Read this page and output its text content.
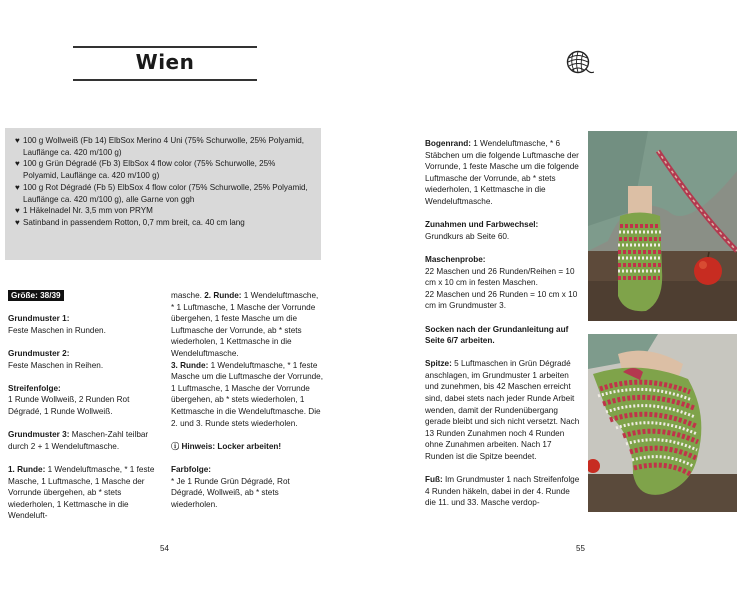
Wien
♥ 100 g Wollweiß (Fb 14) ElbSox Merino 4 Uni (75% Schurwolle, 25% Polyamid, Lauflänge ca. 420 m/100 g)
♥ 100 g Grün Dégradé (Fb 3) ElbSox 4 flow color (75% Schurwolle, 25% Polyamid, Lauflänge ca. 420 m/100 g)
♥ 100 g Rot Dégradé (Fb 5) ElbSox 4 flow color (75% Schurwolle, 25% Polyamid, Lauflänge ca. 420 m/100 g), alle Garne von ggh
♥ 1 Häkelnadel Nr. 3,5 mm von PRYM
♥ Satinband in passendem Rotton, 0,7 mm breit, ca. 40 cm lang

Größe: 38/39

Grundmuster 1:
Feste Maschen in Runden.

Grundmuster 2:
Feste Maschen in Reihen.

Streifenfolge:
1 Runde Wollweiß, 2 Runden Rot Dégradé, 1 Runde Wollweiß.

Grundmuster 3: Maschen-Zahl teilbar durch 2 + 1 Wendeluftmasche.

1. Runde: 1 Wendeluftmasche, * 1 feste Masche, 1 Luftmasche, 1 Masche der Vorrunde übergehen, ab * stets wiederholen, 1 Kettmasche in die Wendeluft-

masche. 2. Runde: 1 Wendeluftmasche, * 1 Luftmasche, 1 Masche der Vorrunde übergehen, 1 feste Masche um die Luftmasche der Vorrunde, ab * stets wiederholen, 1 Kettmasche in die Wendeluftmasche.
3. Runde: 1 Wendeluftmasche, * 1 feste Masche um die Luftmasche der Vorrunde, 1 Luftmasche, 1 Masche der Vorrunde übergehen, ab * stets wiederholen, 1 Kettmasche in die Wendeluftmasche. Die 2. und 3. Runde stets wiederholen.

ⓘ Hinweis: Locker arbeiten!

Farbfolge:
* Je 1 Runde Grün Dégradé, Rot Dégradé, Wollweiß, ab * stets wiederholen.

54

Bogenrand: 1 Wendeluftmasche, * 6 Stäbchen um die folgende Luftmasche der Vorrunde, 1 feste Masche um die folgende Luftmasche der Vorrunde, ab * stets wiederholen, 1 Kettmasche in die Wendeluftmasche.

Zunahmen und Farbwechsel:
Grundkurs ab Seite 60.

Maschenprobe:
22 Maschen und 26 Runden/Reihen = 10 cm x 10 cm in festen Maschen.
22 Maschen und 26 Runden = 10 cm x 10 cm im Grundmuster 3.

Socken nach der Grundanleitung auf Seite 6/7 arbeiten.

Spitze: 5 Luftmaschen in Grün Dégradé anschlagen, im Grundmuster 1 arbeiten und zunehmen, bis 42 Maschen erreicht sind, dabei stets nach jeder Runde Arbeit wenden, damit der Rundenübergang gerade bleibt und sich nicht versetzt. Nach 13 Runden Zunahmen noch 4 Runden ohne Zunahmen arbeiten. Nach 17 Runden ist die Spitze beendet.

Fuß: Im Grundmuster 1 nach Streifenfolge 4 Runden häkeln, dabei in der 4. Runde die 11. und 33. Masche verdop-

55
